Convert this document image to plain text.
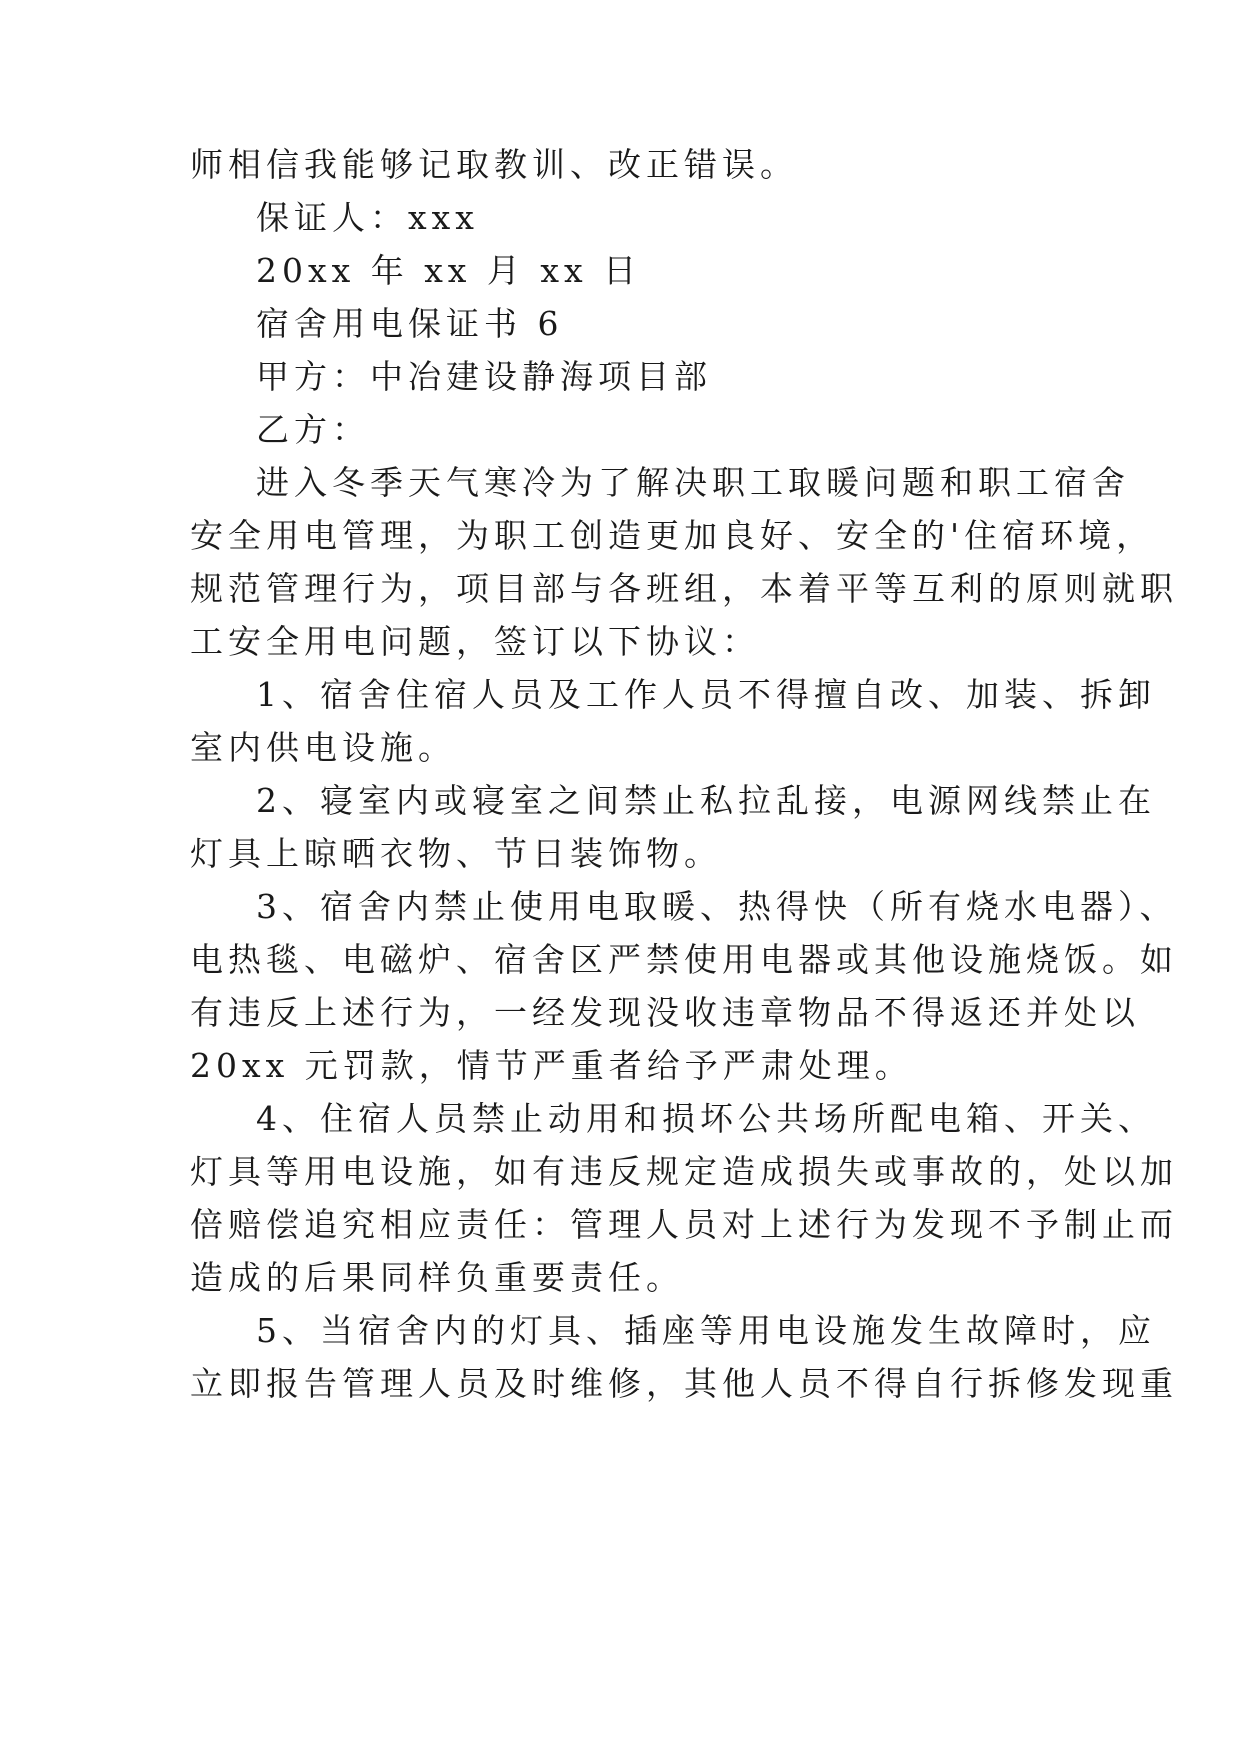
师相信我能够记取教训、改正错误。
保证人：xxx
20xx 年 xx 月 xx 日
宿舍用电保证书 6
甲方：中冶建设静海项目部
乙方：
进入冬季天气寒冷为了解决职工取暖问题和职工宿舍
安全用电管理，为职工创造更加良好、安全的'住宿环境，
规范管理行为，项目部与各班组，本着平等互利的原则就职
工安全用电问题，签订以下协议：
1、宿舍住宿人员及工作人员不得擅自改、加装、拆卸
室内供电设施。
2、寝室内或寝室之间禁止私拉乱接，电源网线禁止在
灯具上晾晒衣物、节日装饰物。
3、宿舍内禁止使用电取暖、热得快（所有烧水电器）、
电热毯、电磁炉、宿舍区严禁使用电器或其他设施烧饭。如
有违反上述行为，一经发现没收违章物品不得返还并处以
20xx 元罚款，情节严重者给予严肃处理。
4、住宿人员禁止动用和损坏公共场所配电箱、开关、
灯具等用电设施，如有违反规定造成损失或事故的，处以加
倍赔偿追究相应责任：管理人员对上述行为发现不予制止而
造成的后果同样负重要责任。
5、当宿舍内的灯具、插座等用电设施发生故障时，应
立即报告管理人员及时维修，其他人员不得自行拆修发现重
